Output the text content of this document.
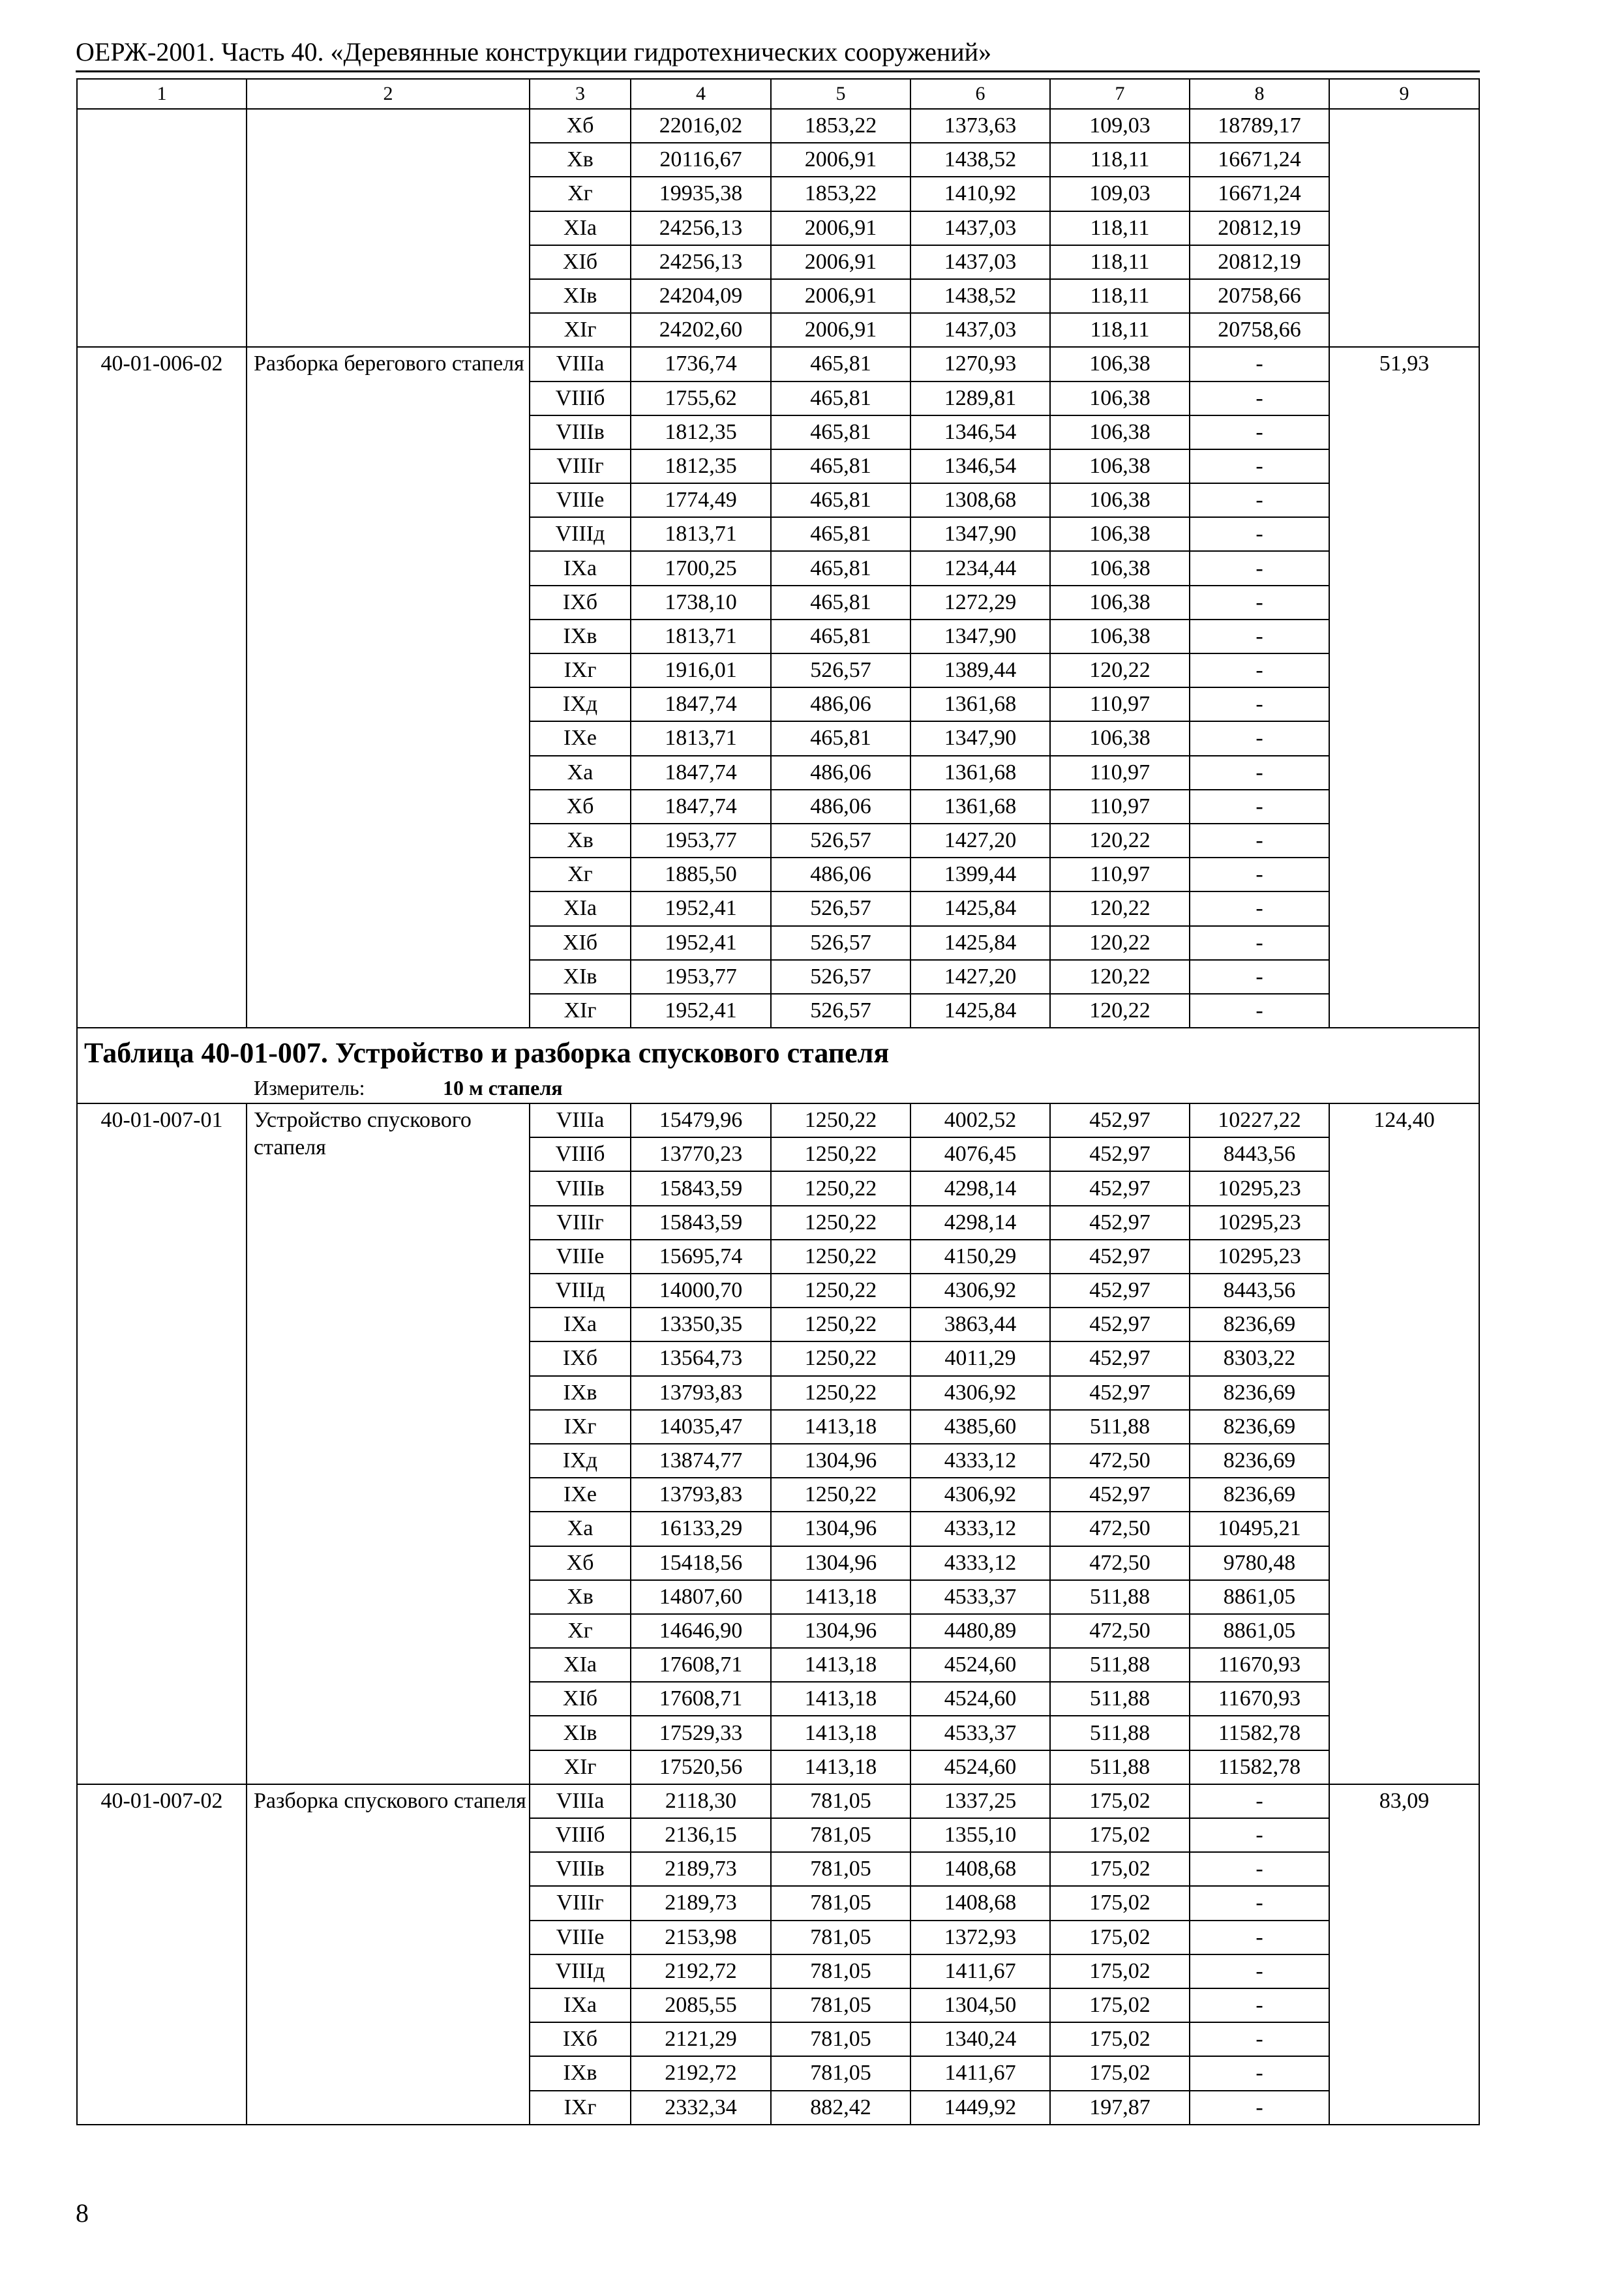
ОЕРЖ-2001. Часть 40. «Деревянные конструкции гидротехнических сооружений»
1	2	3	4	5	6	7	8	9
		Xб	22016,02	1853,22	1373,63	109,03	18789,17	
		Xв	20116,67	2006,91	1438,52	118,11	16671,24	
		Xг	19935,38	1853,22	1410,92	109,03	16671,24	
		XIа	24256,13	2006,91	1437,03	118,11	20812,19	
		XIб	24256,13	2006,91	1437,03	118,11	20812,19	
		XIв	24204,09	2006,91	1438,52	118,11	20758,66	
		XIг	24202,60	2006,91	1437,03	118,11	20758,66	
40-01-006-02	Разборка берегового стапеля	VIIIа	1736,74	465,81	1270,93	106,38	-	51,93
		VIIIб	1755,62	465,81	1289,81	106,38	-	
		VIIIв	1812,35	465,81	1346,54	106,38	-	
		VIIIг	1812,35	465,81	1346,54	106,38	-	
		VIIIе	1774,49	465,81	1308,68	106,38	-	
		VIIIд	1813,71	465,81	1347,90	106,38	-	
		IXа	1700,25	465,81	1234,44	106,38	-	
		IXб	1738,10	465,81	1272,29	106,38	-	
		IXв	1813,71	465,81	1347,90	106,38	-	
		IXг	1916,01	526,57	1389,44	120,22	-	
		IXд	1847,74	486,06	1361,68	110,97	-	
		IXе	1813,71	465,81	1347,90	106,38	-	
		Xа	1847,74	486,06	1361,68	110,97	-	
		Xб	1847,74	486,06	1361,68	110,97	-	
		Xв	1953,77	526,57	1427,20	120,22	-	
		Xг	1885,50	486,06	1399,44	110,97	-	
		XIа	1952,41	526,57	1425,84	120,22	-	
		XIб	1952,41	526,57	1425,84	120,22	-	
		XIв	1953,77	526,57	1427,20	120,22	-	
		XIг	1952,41	526,57	1425,84	120,22	-	

Таблица 40-01-007. Устройство и разборка спускового стапеля
Измеритель: 10 м стапеля								

40-01-007-01	Устройство спускового стапеля	VIIIа	15479,96	1250,22	4002,52	452,97	10227,22	124,40
		VIIIб	13770,23	1250,22	4076,45	452,97	8443,56	
		VIIIв	15843,59	1250,22	4298,14	452,97	10295,23	
		VIIIг	15843,59	1250,22	4298,14	452,97	10295,23	
		VIIIе	15695,74	1250,22	4150,29	452,97	10295,23	
		VIIIд	14000,70	1250,22	4306,92	452,97	8443,56	
		IXа	13350,35	1250,22	3863,44	452,97	8236,69	
		IXб	13564,73	1250,22	4011,29	452,97	8303,22	
		IXв	13793,83	1250,22	4306,92	452,97	8236,69	
		IXг	14035,47	1413,18	4385,60	511,88	8236,69	
		IXд	13874,77	1304,96	4333,12	472,50	8236,69	
		IXе	13793,83	1250,22	4306,92	452,97	8236,69	
		Xа	16133,29	1304,96	4333,12	472,50	10495,21	
		Xб	15418,56	1304,96	4333,12	472,50	9780,48	
		Xв	14807,60	1413,18	4533,37	511,88	8861,05	
		Xг	14646,90	1304,96	4480,89	472,50	8861,05	
		XIа	17608,71	1413,18	4524,60	511,88	11670,93	
		XIб	17608,71	1413,18	4524,60	511,88	11670,93	
		XIв	17529,33	1413,18	4533,37	511,88	11582,78	
		XIг	17520,56	1413,18	4524,60	511,88	11582,78	
40-01-007-02	Разборка спускового стапеля	VIIIа	2118,30	781,05	1337,25	175,02	-	83,09
		VIIIб	2136,15	781,05	1355,10	175,02	-	
		VIIIв	2189,73	781,05	1408,68	175,02	-	
		VIIIг	2189,73	781,05	1408,68	175,02	-	
		VIIIе	2153,98	781,05	1372,93	175,02	-	
		VIIIд	2192,72	781,05	1411,67	175,02	-	
		IXа	2085,55	781,05	1304,50	175,02	-	
		IXб	2121,29	781,05	1340,24	175,02	-	
		IXв	2192,72	781,05	1411,67	175,02	-	
		IXг	2332,34	882,42	1449,92	197,87	-	
8
